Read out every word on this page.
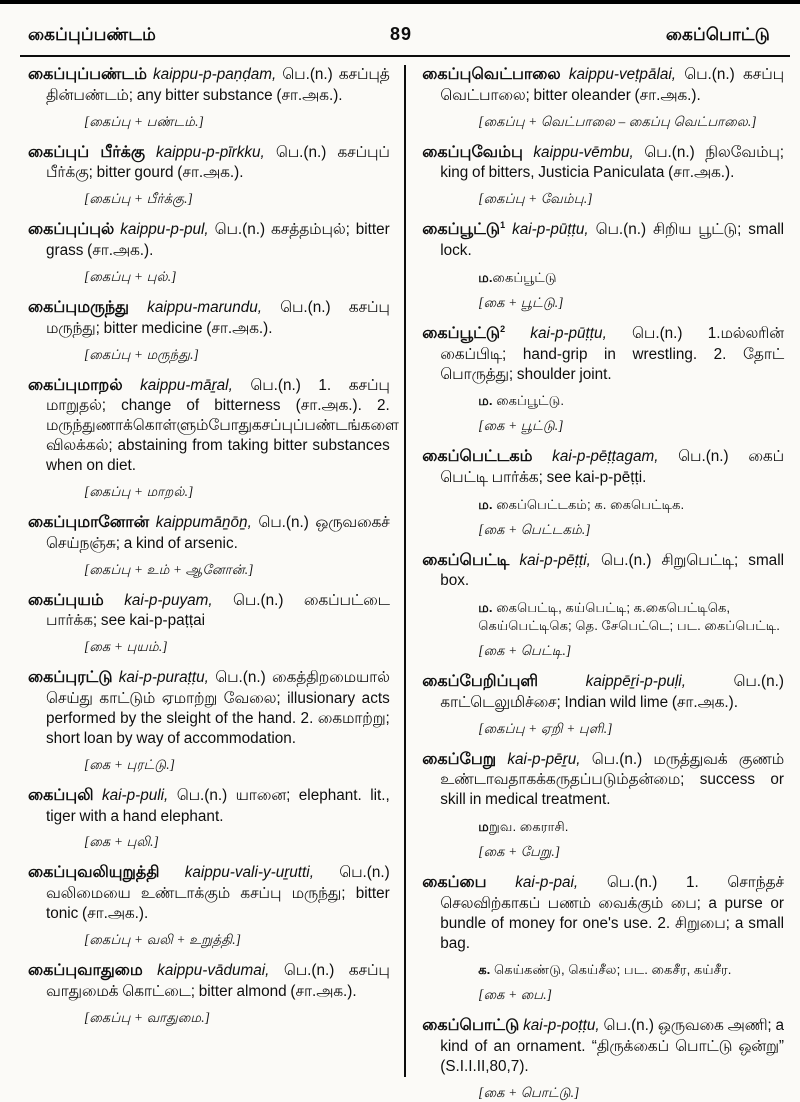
கைப்புப்பண்டம்	89	கைப்பொட்டு

கைப்புப்பண்டம் kaippu-p-paṇḍam, பெ.(n.) கசப்புத் தின்பண்டம்; any bitter substance (சா.அக.).

[கைப்பு + பண்டம்.]

கைப்புப் பீர்க்கு kaippu-p-pīrkku, பெ.(n.) கசப்புப் பீர்க்கு; bitter gourd (சா.அக.).

[கைப்பு + பீர்க்கு.]

கைப்புப்புல் kaippu-p-pul, பெ.(n.) கசத்தம்புல்; bitter grass (சா.அக.).

[கைப்பு + புல்.]

கைப்புமருந்து kaippu-marundu, பெ.(n.) கசப்பு மருந்து; bitter medicine (சா.அக.).

[கைப்பு + மருந்து.]

கைப்புமாறல் kaippu-māṟal, பெ.(n.) 1. கசப்பு மாறுதல்; change of bitterness (சா.அக.). 2. மருந்துணாக்கொள்ளும்போதுகசப்புப்பண்டங்களை விலக்கல்; abstaining from taking bitter substances when on diet.

[கைப்பு + மாறல்.]

கைப்புமானோன் kaippumāṉōṉ, பெ.(n.) ஒருவகைச் செய்நஞ்சு; a kind of arsenic.

[கைப்பு + உம் + ஆனோன்.]

கைப்புயம் kai-p-puyam, பெ.(n.) கைப்பட்டை பார்க்க; see kai-p-paṭṭai

[கை + புயம்.]

கைப்புரட்டு kai-p-puraṭṭu, பெ.(n.) கைத்திறமையால் செய்து காட்டும் ஏமாற்று வேலை; illusionary acts performed by the sleight of the hand. 2. கைமாற்று; short loan by way of accommodation.

[கை + புரட்டு.]

கைப்புலி kai-p-puli, பெ.(n.) யானை; elephant. lit., tiger with a hand elephant.

[கை + புலி.]

கைப்புவலியுறுத்தி kaippu-vali-y-uṟutti, பெ.(n.) வலிமையை உண்டாக்கும் கசப்பு மருந்து; bitter tonic (சா.அக.).

[கைப்பு + வலி + உறுத்தி.]

கைப்புவாதுமை kaippu-vādumai, பெ.(n.) கசப்பு வாதுமைக் கொட்டை; bitter almond (சா.அக.).

[கைப்பு + வாதுமை.]

கைப்புவெட்பாலை kaippu-veṭpālai, பெ.(n.) கசப்பு வெட்பாலை; bitter oleander (சா.அக.).

[கைப்பு + வெட்பாலை – கைப்பு வெட்பாலை.]

கைப்புவேம்பு kaippu-vēmbu, பெ.(n.) நிலவேம்பு; king of bitters, Justicia Paniculata (சா.அக.).

[கைப்பு + வேம்பு.]

கைப்பூட்டு$^1$ kai-p-pūṭṭu, பெ.(n.) சிறிய பூட்டு; small lock.

ம.கைப்பூட்டு

[கை + பூட்டு.]

கைப்பூட்டு$^2$ kai-p-pūṭṭu, பெ.(n.) 1.மல்லரின் கைப்பிடி; hand-grip in wrestling. 2. தோட் பொருத்து; shoulder joint.

ம. கைப்பூட்டு.

[கை + பூட்டு.]

கைப்பெட்டகம் kai-p-pēṭṭagam, பெ.(n.) கைப் பெட்டி பார்க்க; see kai-p-pēṭṭi.

ம. கைப்பெட்டகம்; க. கைபெட்டிக.

[கை + பெட்டகம்.]

கைப்பெட்டி kai-p-pēṭṭi, பெ.(n.) சிறுபெட்டி; small box.

ம. கைபெட்டி, கய்பெட்டி; க.கைபெட்டிகெ, கெய்பெட்டிகெ; தெ. சேபெட்டெ; பட. கைப்பெட்டி.

[கை + பெட்டி.]

கைப்பேறிப்புளி	kaippēṟi-p-puḷi,	பெ.(n.) காட்டெலுமிச்சை; Indian wild lime (சா.அக.).

[கைப்பு + ஏறி + புளி.]

கைப்பேறு kai-p-pēṟu, பெ.(n.) மருத்துவக் குணம் உண்டாவதாகக்கருதப்படும்தன்மை; success or skill in medical treatment.

மறுவ. கைராசி.

[கை + பேறு.]

கைப்பை kai-p-pai, பெ.(n.) 1. சொந்தச் செலவிற்காகப் பணம் வைக்கும் பை; a purse or bundle of money for one's use. 2. சிறுபை; a small bag.

க. கெய்கண்டு, கெய்சீல; பட. கைசீர, கய்சீர.

[கை + பை.]

கைப்பொட்டு kai-p-poṭṭu, பெ.(n.) ஒருவகை அணி; a kind of an ornament. “திருக்கைப் பொட்டு ஒன்று” (S.I.I.II,80,7).

[கை + பொட்டு.]
